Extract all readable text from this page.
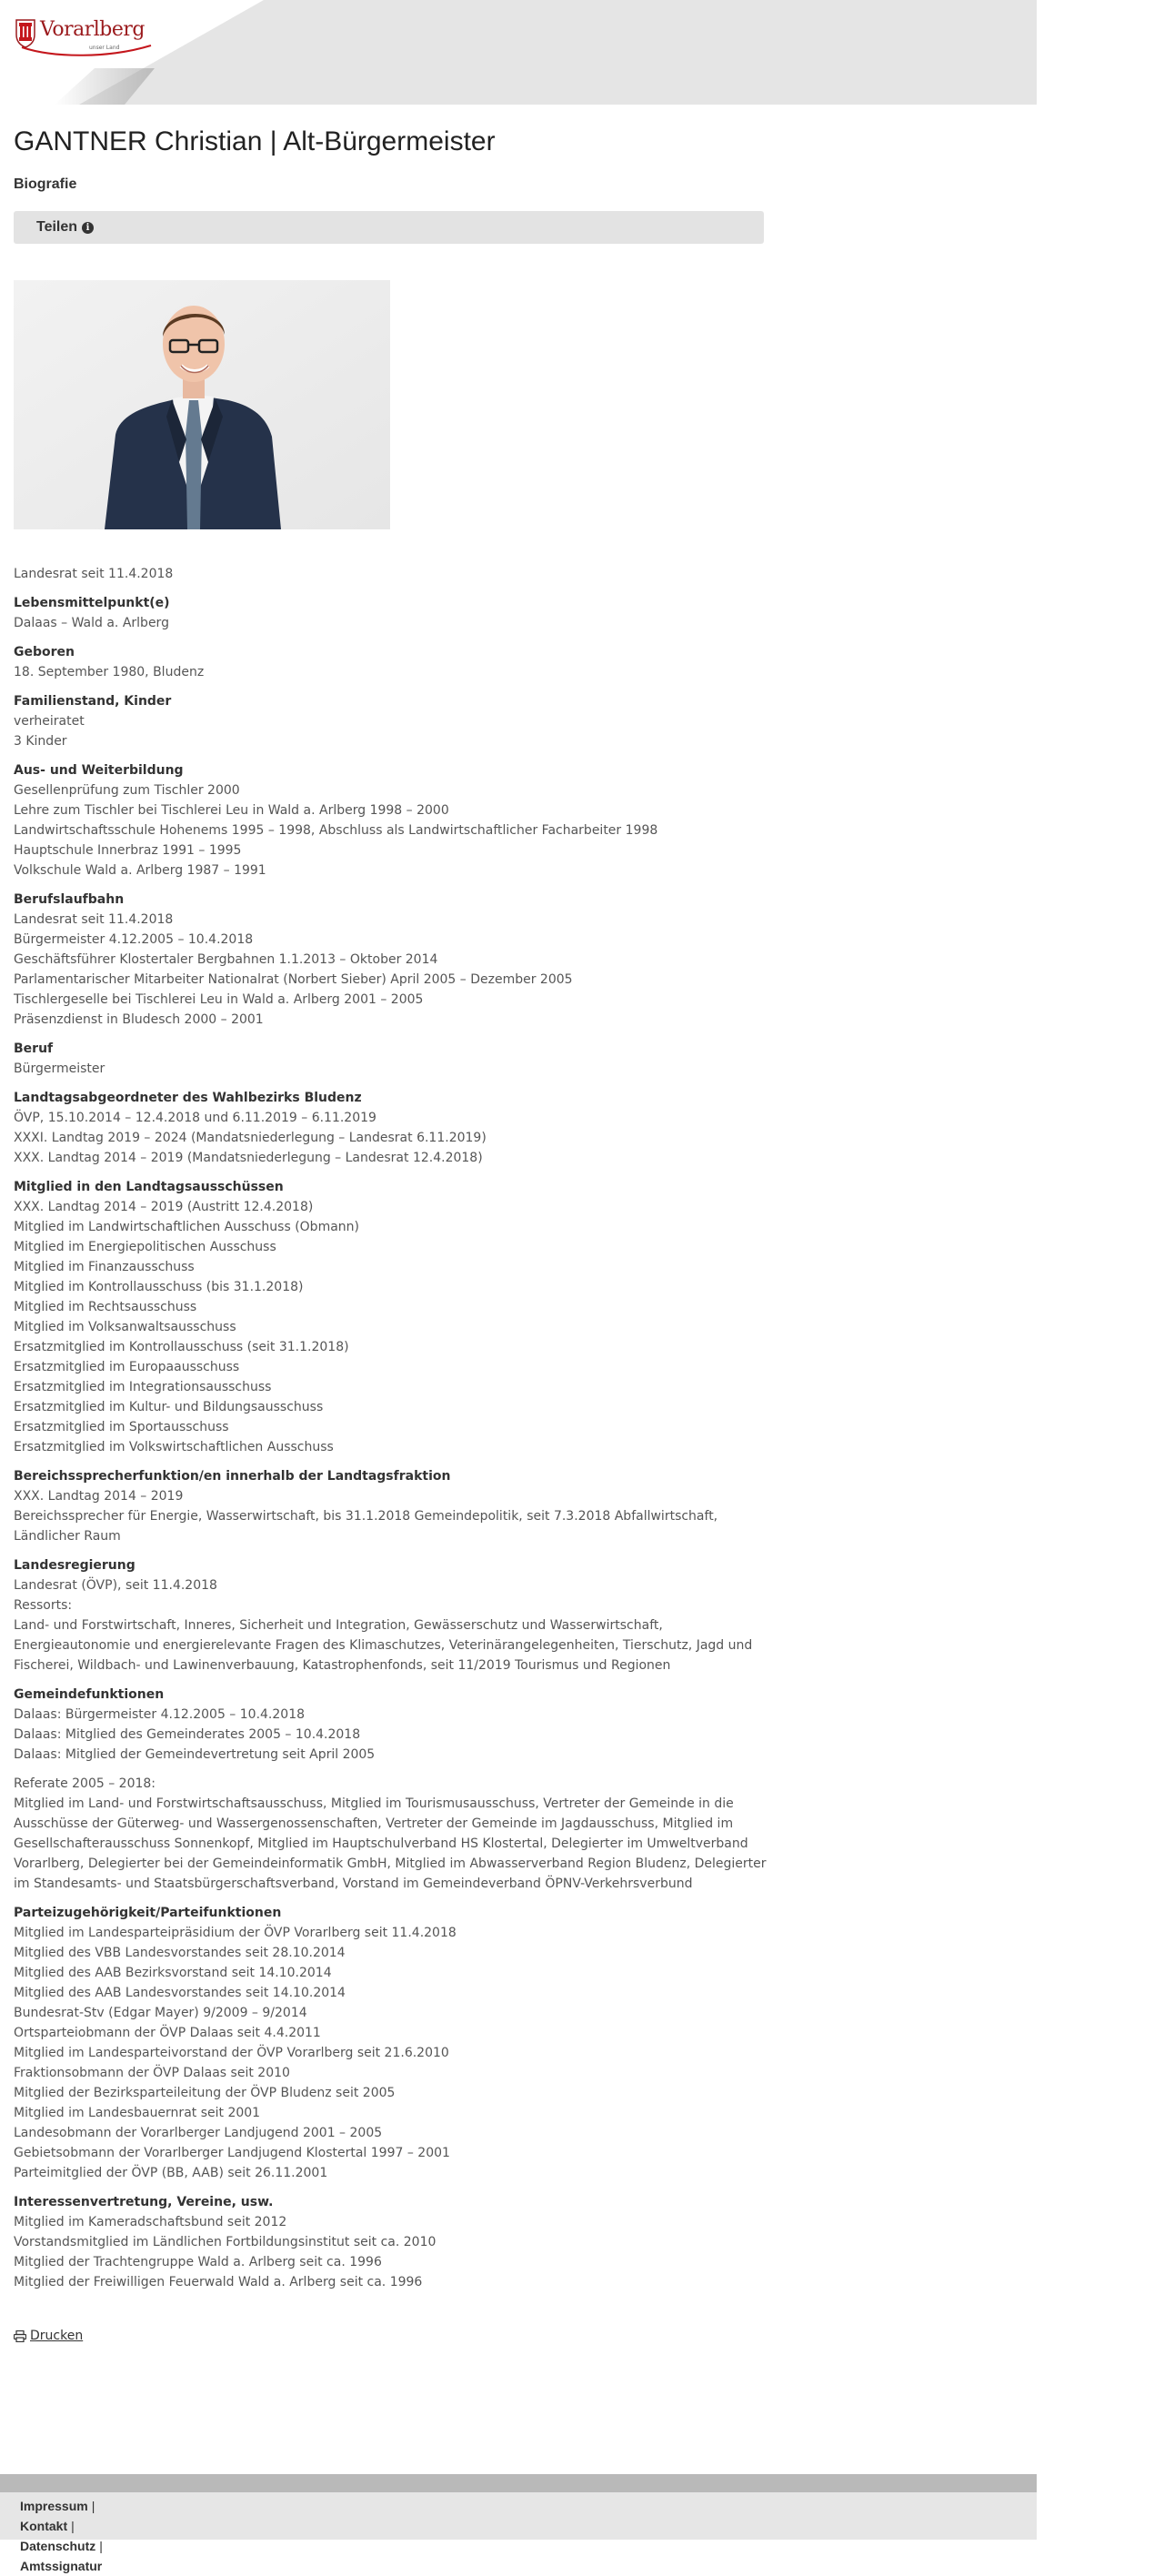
Vorarlberg
unser Land
GANTNER Christian | Alt-Bürgermeister
Biografie
Teilen i
Landesrat seit 11.4.2018
Lebensmittelpunkt(e)
Dalaas – Wald a. Arlberg
Geboren
18. September 1980, Bludenz
Familienstand, Kinder
verheiratet
3 Kinder
Aus- und Weiterbildung
Gesellenprüfung zum Tischler 2000
Lehre zum Tischler bei Tischlerei Leu in Wald a. Arlberg 1998 – 2000
Landwirtschaftsschule Hohenems 1995 – 1998, Abschluss als Landwirtschaftlicher Facharbeiter 1998
Hauptschule Innerbraz 1991 – 1995
Volkschule Wald a. Arlberg 1987 – 1991
Berufslaufbahn
Landesrat seit 11.4.2018
Bürgermeister 4.12.2005 – 10.4.2018
Geschäftsführer Klostertaler Bergbahnen 1.1.2013 – Oktober 2014
Parlamentarischer Mitarbeiter Nationalrat (Norbert Sieber) April 2005 – Dezember 2005
Tischlergeselle bei Tischlerei Leu in Wald a. Arlberg 2001 – 2005
Präsenzdienst in Bludesch 2000 – 2001
Beruf
Bürgermeister
Landtagsabgeordneter des Wahlbezirks Bludenz
ÖVP, 15.10.2014 – 12.4.2018 und 6.11.2019 – 6.11.2019
XXXI. Landtag 2019 – 2024 (Mandatsniederlegung – Landesrat 6.11.2019)
XXX. Landtag 2014 – 2019 (Mandatsniederlegung – Landesrat 12.4.2018)
Mitglied in den Landtagsausschüssen
XXX. Landtag 2014 – 2019 (Austritt 12.4.2018)
Mitglied im Landwirtschaftlichen Ausschuss (Obmann)
Mitglied im Energiepolitischen Ausschuss
Mitglied im Finanzausschuss
Mitglied im Kontrollausschuss (bis 31.1.2018)
Mitglied im Rechtsausschuss
Mitglied im Volksanwaltsausschuss
Ersatzmitglied im Kontrollausschuss (seit 31.1.2018)
Ersatzmitglied im Europaausschuss
Ersatzmitglied im Integrationsausschuss
Ersatzmitglied im Kultur- und Bildungsausschuss
Ersatzmitglied im Sportausschuss
Ersatzmitglied im Volkswirtschaftlichen Ausschuss
Bereichssprecherfunktion/en innerhalb der Landtagsfraktion
XXX. Landtag 2014 – 2019
Bereichssprecher für Energie, Wasserwirtschaft, bis 31.1.2018 Gemeindepolitik, seit 7.3.2018 Abfallwirtschaft, Ländlicher Raum
Landesregierung
Landesrat (ÖVP), seit 11.4.2018
Ressorts:
Land- und Forstwirtschaft, Inneres, Sicherheit und Integration, Gewässerschutz und Wasserwirtschaft, Energieautonomie und energierelevante Fragen des Klimaschutzes, Veterinärangelegenheiten, Tierschutz, Jagd und Fischerei, Wildbach- und Lawinenverbauung, Katastrophenfonds, seit 11/2019 Tourismus und Regionen
Gemeindefunktionen
Dalaas: Bürgermeister 4.12.2005 – 10.4.2018
Dalaas: Mitglied des Gemeinderates 2005 – 10.4.2018
Dalaas: Mitglied der Gemeindevertretung seit April 2005
Referate 2005 – 2018:
Mitglied im Land- und Forstwirtschaftsausschuss, Mitglied im Tourismusausschuss, Vertreter der Gemeinde in die Ausschüsse der Güterweg- und Wassergenossenschaften, Vertreter der Gemeinde im Jagdausschuss, Mitglied im Gesellschafterausschuss Sonnenkopf, Mitglied im Hauptschulverband HS Klostertal, Delegierter im Umweltverband Vorarlberg, Delegierter bei der Gemeindeinformatik GmbH, Mitglied im Abwasserverband Region Bludenz, Delegierter im Standesamts- und Staatsbürgerschaftsverband, Vorstand im Gemeindeverband ÖPNV-Verkehrsverbund
Parteizugehörigkeit/Parteifunktionen
Mitglied im Landesparteipräsidium der ÖVP Vorarlberg seit 11.4.2018
Mitglied des VBB Landesvorstandes seit 28.10.2014
Mitglied des AAB Bezirksvorstand seit 14.10.2014
Mitglied des AAB Landesvorstandes seit 14.10.2014
Bundesrat-Stv (Edgar Mayer) 9/2009 – 9/2014
Ortsparteiobmann der ÖVP Dalaas seit 4.4.2011
Mitglied im Landesparteivorstand der ÖVP Vorarlberg seit 21.6.2010
Fraktionsobmann der ÖVP Dalaas seit 2010
Mitglied der Bezirksparteileitung der ÖVP Bludenz seit 2005
Mitglied im Landesbauernrat seit 2001
Landesobmann der Vorarlberger Landjugend 2001 – 2005
Gebietsobmann der Vorarlberger Landjugend Klostertal 1997 – 2001
Parteimitglied der ÖVP (BB, AAB) seit 26.11.2001
Interessenvertretung, Vereine, usw.
Mitglied im Kameradschaftsbund seit 2012
Vorstandsmitglied im Ländlichen Fortbildungsinstitut seit ca. 2010
Mitglied der Trachtengruppe Wald a. Arlberg seit ca. 1996
Mitglied der Freiwilligen Feuerwald Wald a. Arlberg seit ca. 1996
Drucken
Impressum |
Kontakt |
Datenschutz |
Amtssignatur
